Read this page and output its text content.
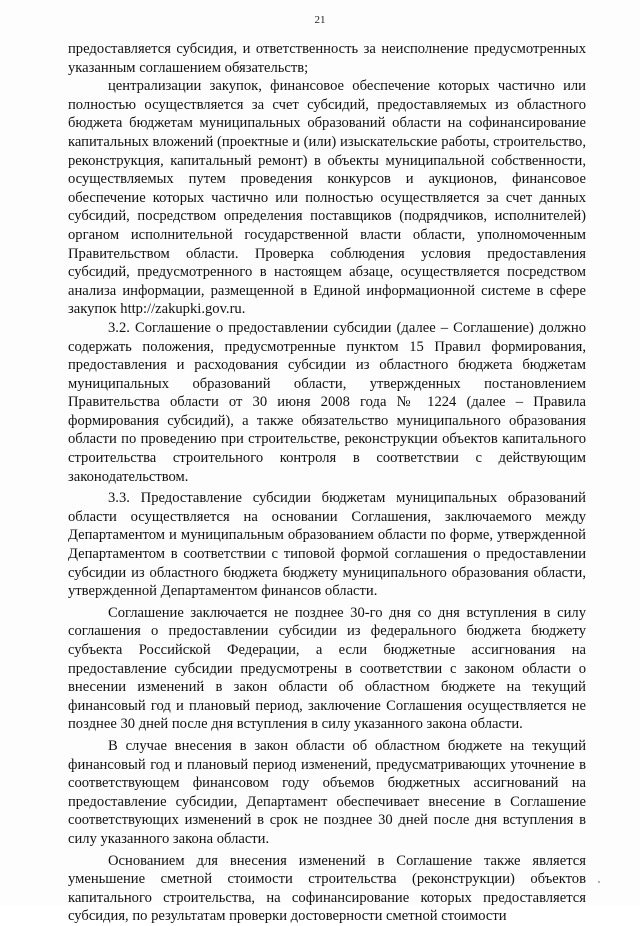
21

предоставляется субсидия, и ответственность за неисполнение предусмотренных указанным соглашением обязательств;

централизации закупок, финансовое обеспечение которых частично или полностью осуществляется за счет субсидий, предоставляемых из областного бюджета бюджетам муниципальных образований области на софинансирование капитальных вложений (проектные и (или) изыскательские работы, строительство, реконструкция, капитальный ремонт) в объекты муниципальной собственности, осуществляемых путем проведения конкурсов и аукционов, финансовое обеспечение которых частично или полностью осуществляется за счет данных субсидий, посредством определения поставщиков (подрядчиков, исполнителей) органом исполнительной государственной власти области, уполномоченным Правительством области. Проверка соблюдения условия предоставления субсидий, предусмотренного в настоящем абзаце, осуществляется посредством анализа информации, размещенной в Единой информационной системе в сфере закупок http://zakupki.gov.ru.

3.2. Соглашение о предоставлении субсидии (далее – Соглашение) должно содержать положения, предусмотренные пунктом 15 Правил формирования, предоставления и расходования субсидии из областного бюджета бюджетам муниципальных образований области, утвержденных постановлением Правительства области от 30 июня 2008 года № 1224 (далее – Правила формирования субсидий), а также обязательство муниципального образования области по проведению при строительстве, реконструкции объектов капитального строительства строительного контроля в соответствии с действующим законодательством.

3.3. Предоставление субсидии бюджетам муниципальных образований области осуществляется на основании Соглашения, заключаемого между Департаментом и муниципальным образованием области по форме, утвержденной Департаментом в соответствии с типовой формой соглашения о предоставлении субсидии из областного бюджета бюджету муниципального образования области, утвержденной Департаментом финансов области.

Соглашение заключается не позднее 30-го дня со дня вступления в силу соглашения о предоставлении субсидии из федерального бюджета бюджету субъекта Российской Федерации, а если бюджетные ассигнования на предоставление субсидии предусмотрены в соответствии с законом области о внесении изменений в закон области об областном бюджете на текущий финансовый год и плановый период, заключение Соглашения осуществляется не позднее 30 дней после дня вступления в силу указанного закона области.

В случае внесения в закон области об областном бюджете на текущий финансовый год и плановый период изменений, предусматривающих уточнение в соответствующем финансовом году объемов бюджетных ассигнований на предоставление субсидии, Департамент обеспечивает внесение в Соглашение соответствующих изменений в срок не позднее 30 дней после дня вступления в силу указанного закона области.

Основанием для внесения изменений в Соглашение также является уменьшение сметной стоимости строительства (реконструкции) объектов капитального строительства, на софинансирование которых предоставляется субсидия, по результатам проверки достоверности сметной стоимости
